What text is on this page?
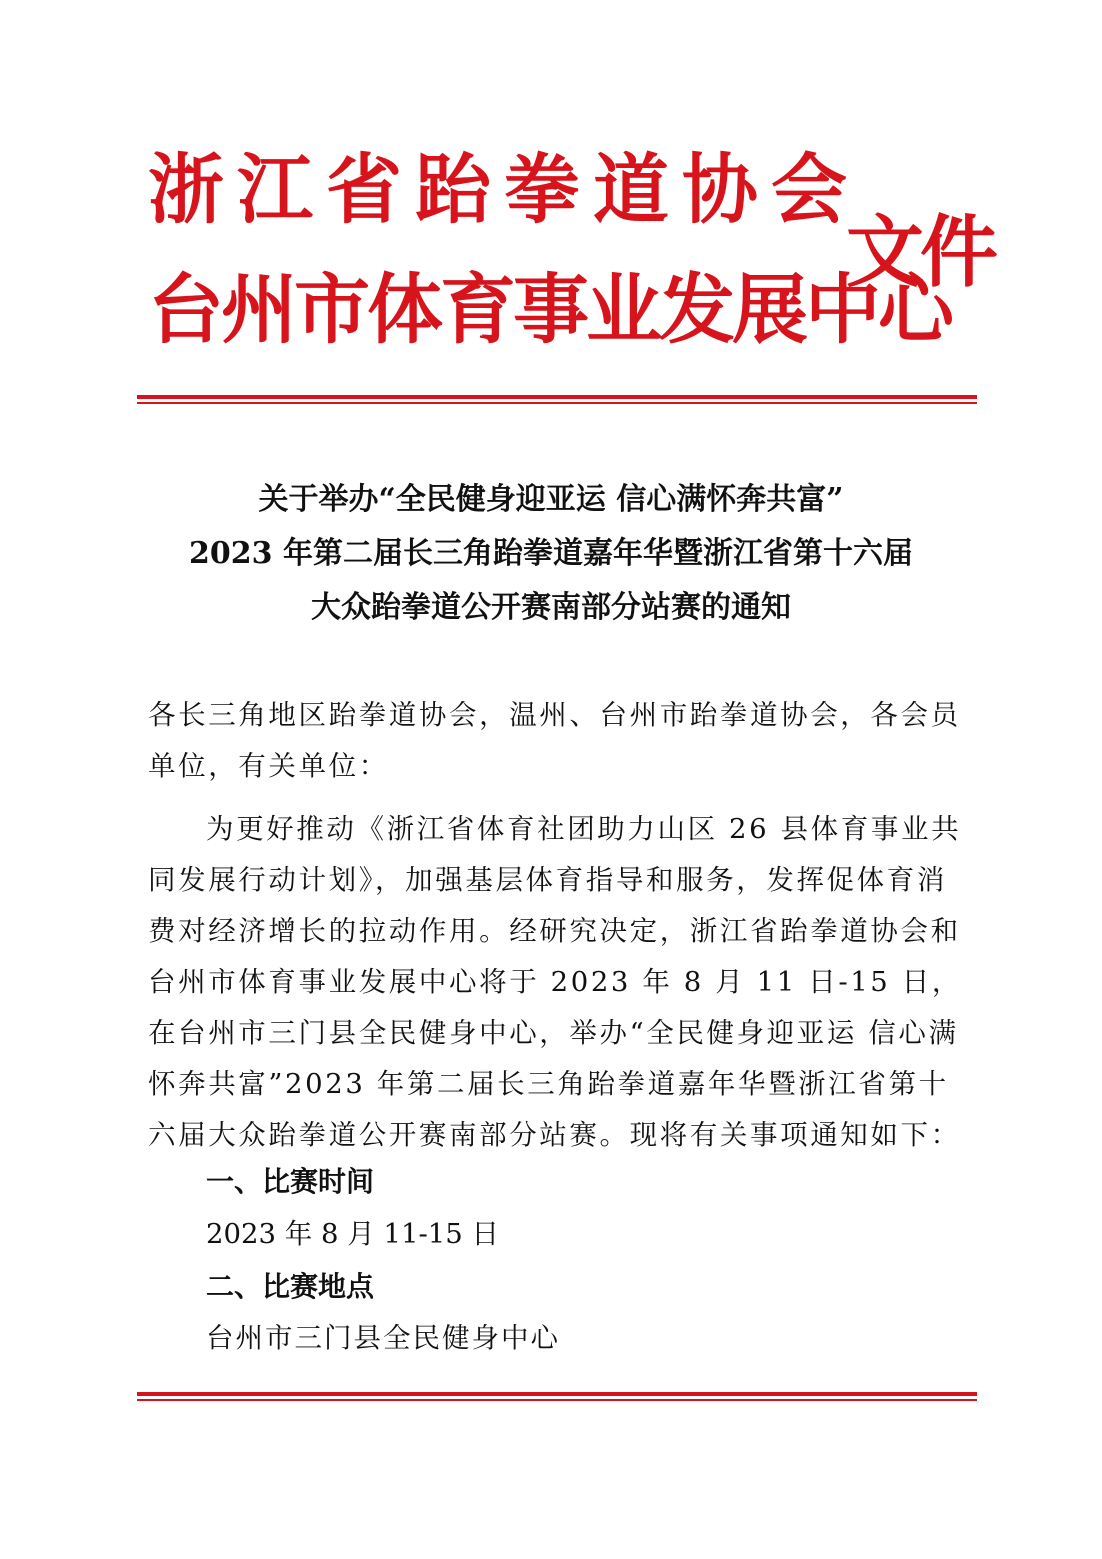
浙江省跆拳道协会
台州市体育事业发展中心
文件
关于举办“全民健身迎亚运 信心满怀奔共富”
2023 年第二届长三角跆拳道嘉年华暨浙江省第十六届
大众跆拳道公开赛南部分站赛的通知

各长三角地区跆拳道协会，温州、台州市跆拳道协会，各会员单位，有关单位：

为更好推动《浙江省体育社团助力山区 26 县体育事业共同发展行动计划》，加强基层体育指导和服务，发挥促体育消费对经济增长的拉动作用。经研究决定，浙江省跆拳道协会和台州市体育事业发展中心将于 2023 年 8 月 11 日-15 日，在台州市三门县全民健身中心，举办“全民健身迎亚运 信心满怀奔共富”2023 年第二届长三角跆拳道嘉年华暨浙江省第十六届大众跆拳道公开赛南部分站赛。现将有关事项通知如下：

一、比赛时间
2023 年 8 月 11-15 日
二、比赛地点
台州市三门县全民健身中心
